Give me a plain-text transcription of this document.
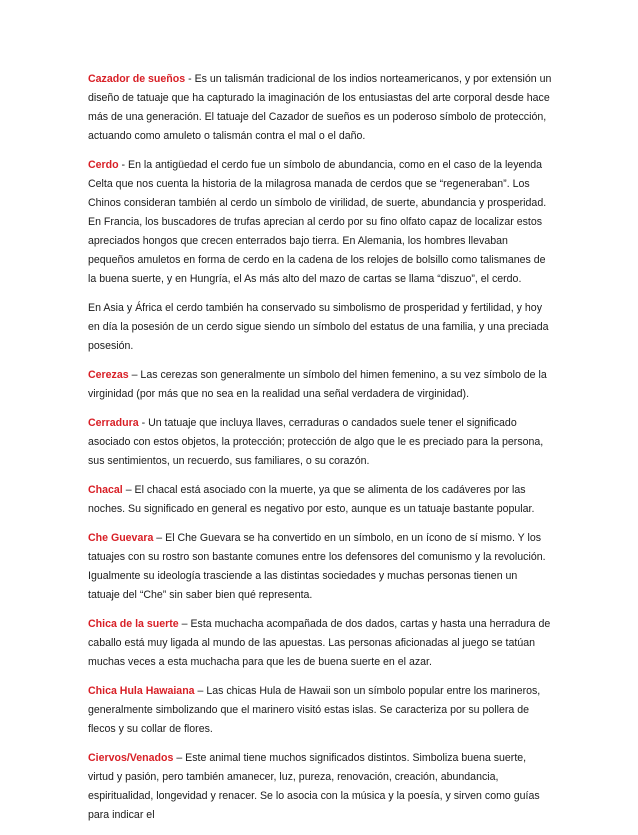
Cazador de sueños - Es un talismán tradicional de los indios norteamericanos, y por extensión un diseño de tatuaje que ha capturado la imaginación de los entusiastas del arte corporal desde hace más de una generación. El tatuaje del Cazador de sueños es un poderoso símbolo de protección, actuando como amuleto o talismán contra el mal o el daño.

Cerdo - En la antigüedad el cerdo fue un símbolo de abundancia, como en el caso de la leyenda Celta que nos cuenta la historia de la milagrosa manada de cerdos que se “regeneraban”. Los Chinos consideran también al cerdo un símbolo de virilidad, de suerte, abundancia y prosperidad. En Francia, los buscadores de trufas aprecian al cerdo por su fino olfato capaz de localizar estos apreciados hongos que crecen enterrados bajo tierra. En Alemania, los hombres llevaban pequeños amuletos en forma de cerdo en la cadena de los relojes de bolsillo como talismanes de la buena suerte, y en Hungría, el As más alto del mazo de cartas se llama “diszuo”, el cerdo.

En Asia y África el cerdo también ha conservado su simbolismo de prosperidad y fertilidad, y hoy en día la posesión de un cerdo sigue siendo un símbolo del estatus de una familia, y una preciada posesión.

Cerezas – Las cerezas son generalmente un símbolo del himen femenino, a su vez símbolo de la virginidad (por más que no sea en la realidad una señal verdadera de virginidad).

Cerradura - Un tatuaje que incluya llaves, cerraduras o candados suele tener el significado asociado con estos objetos, la protección; protección de algo que le es preciado para la persona, sus sentimientos, un recuerdo, sus familiares, o su corazón.

Chacal – El chacal está asociado con la muerte, ya que se alimenta de los cadáveres por las noches. Su significado en general es negativo por esto, aunque es un tatuaje bastante popular.

Che Guevara – El Che Guevara se ha convertido en un símbolo, en un ícono de sí mismo. Y los tatuajes con su rostro son bastante comunes entre los defensores del comunismo y la revolución. Igualmente su ideología trasciende a las distintas sociedades y muchas personas tienen un tatuaje del “Che” sin saber bien qué representa.

Chica de la suerte – Esta muchacha acompañada de dos dados, cartas y hasta una herradura de caballo está muy ligada al mundo de las apuestas. Las personas aficionadas al juego se tatúan muchas veces a esta muchacha para que les de buena suerte en el azar.

Chica Hula Hawaiana – Las chicas Hula de Hawaii son un símbolo popular entre los marineros, generalmente simbolizando que el marinero visitó estas islas. Se caracteriza por su pollera de flecos y su collar de flores.

Ciervos/Venados – Este animal tiene muchos significados distintos. Simboliza buena suerte, virtud y pasión, pero también amanecer, luz, pureza, renovación, creación, abundancia, espiritualidad, longevidad y renacer. Se lo asocia con la música y la poesía, y sirven como guías para indicar el
